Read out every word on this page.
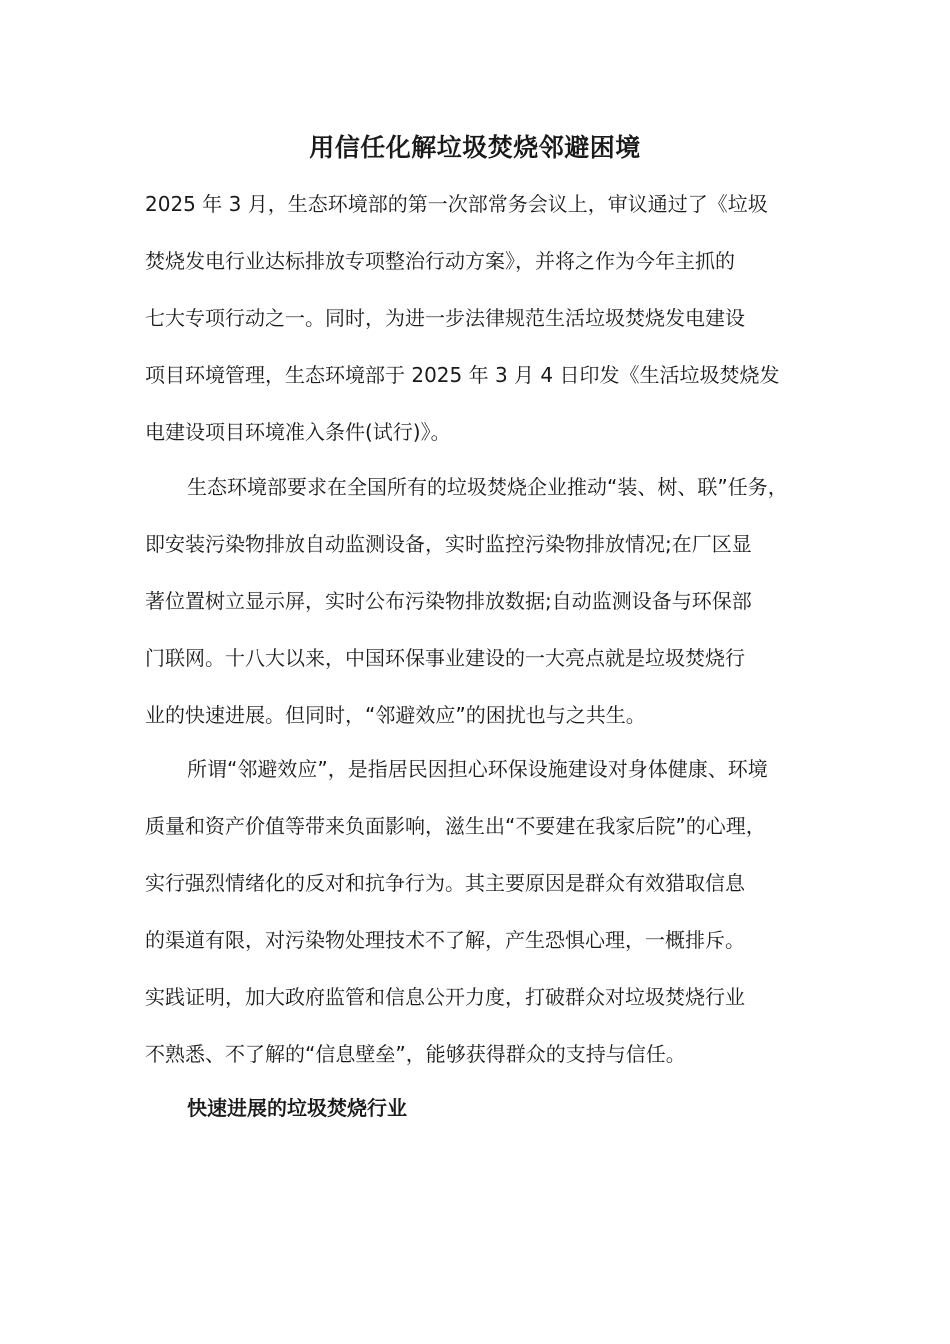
用信任化解垃圾焚烧邻避困境

2025 年 3 月，生态环境部的第一次部常务会议上，审议通过了《垃圾

焚烧发电行业达标排放专项整治行动方案》，并将之作为今年主抓的

七大专项行动之一。同时，为进一步法律规范生活垃圾焚烧发电建设

项目环境管理，生态环境部于 2025 年 3 月 4 日印发《生活垃圾焚烧发

电建设项目环境准入条件(试行)》。

生态环境部要求在全国所有的垃圾焚烧企业推动“装、树、联”任务，

即安装污染物排放自动监测设备，实时监控污染物排放情况;在厂区显

著位置树立显示屏，实时公布污染物排放数据;自动监测设备与环保部

门联网。十八大以来，中国环保事业建设的一大亮点就是垃圾焚烧行

业的快速进展。但同时，“邻避效应”的困扰也与之共生。

所谓“邻避效应”，是指居民因担心环保设施建设对身体健康、环境

质量和资产价值等带来负面影响，滋生出“不要建在我家后院”的心理，

实行强烈情绪化的反对和抗争行为。其主要原因是群众有效猎取信息

的渠道有限，对污染物处理技术不了解，产生恐惧心理，一概排斥。

实践证明，加大政府监管和信息公开力度，打破群众对垃圾焚烧行业

不熟悉、不了解的“信息壁垒”，能够获得群众的支持与信任。

快速进展的垃圾焚烧行业
